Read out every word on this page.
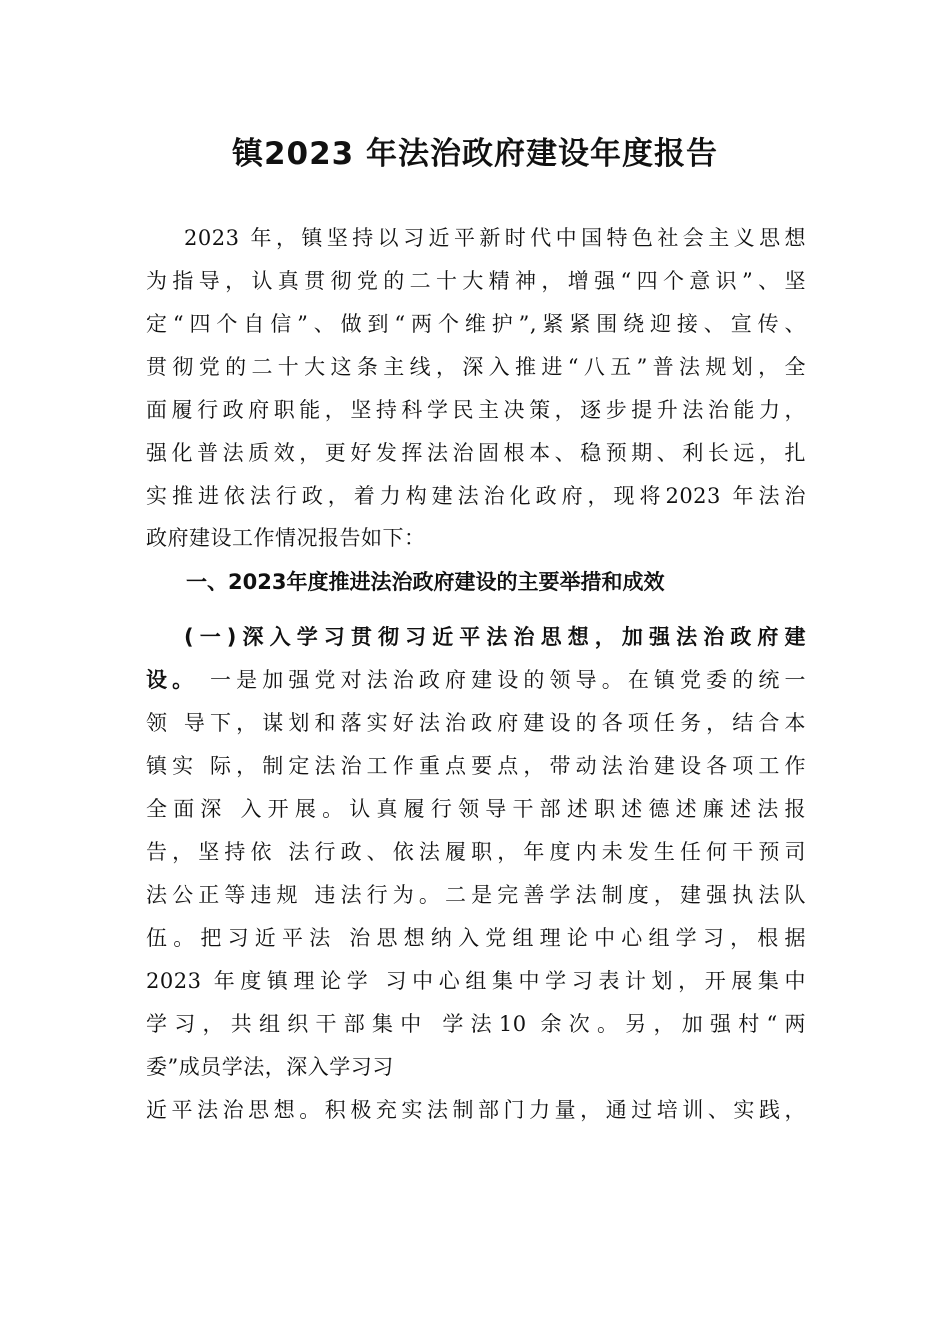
镇2023 年法治政府建设年度报告
2023 年，镇坚持以习近平新时代中国特色社会主义思想
为指导，认真贯彻党的二十大精神，增强“四个意识”、坚
定“四个自信”、做到“两个维护”,紧紧围绕迎接、宣传、
贯彻党的二十大这条主线，深入推进“八五”普法规划，全
面履行政府职能，坚持科学民主决策，逐步提升法治能力，
强化普法质效，更好发挥法治固根本、稳预期、利长远，扎
实推进依法行政，着力构建法治化政府，现将2023 年法治
政府建设工作情况报告如下：
一、2023年度推进法治政府建设的主要举措和成效
(一)深入学习贯彻习近平法治思想，加强法治政府建
设。 一是加强党对法治政府建设的领导。在镇党委的统一
领 导下，谋划和落实好法治政府建设的各项任务，结合本
镇实 际，制定法治工作重点要点，带动法治建设各项工作
全面深 入开展。认真履行领导干部述职述德述廉述法报
告，坚持依 法行政、依法履职，年度内未发生任何干预司
法公正等违规 违法行为。二是完善学法制度，建强执法队
伍。把习近平法 治思想纳入党组理论中心组学习，根据
2023 年度镇理论学 习中心组集中学习表计划，开展集中
学习，共组织干部集中 学法10 余次。另，加强村“两
委”成员学法，深入学习习
近平法治思想。积极充实法制部门力量，通过培训、实践，
